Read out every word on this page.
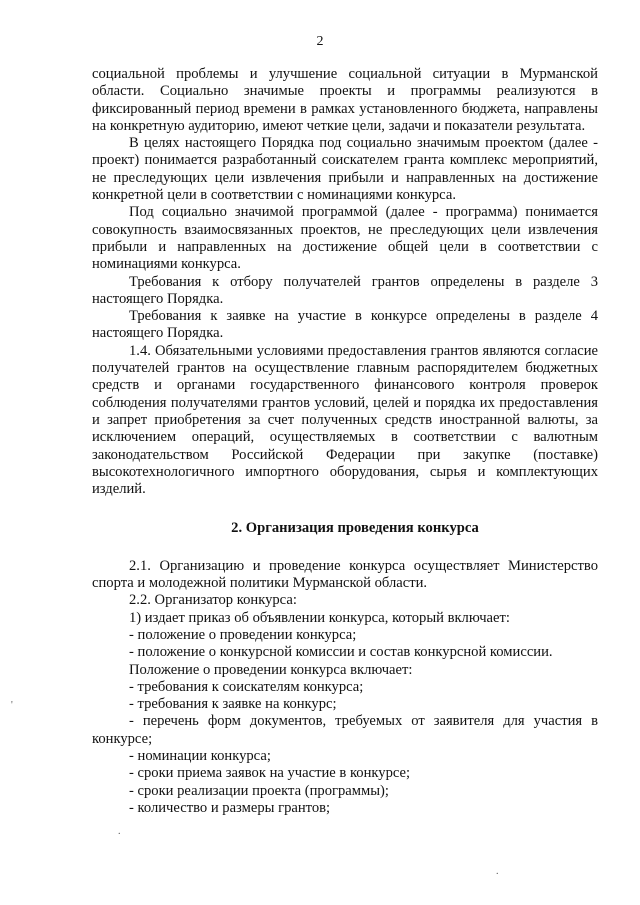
2

социальной проблемы и улучшение социальной ситуации в Мурманской области. Социально значимые проекты и программы реализуются в фиксированный период времени в рамках установленного бюджета, направлены на конкретную аудиторию, имеют четкие цели, задачи и показатели результата.

В целях настоящего Порядка под социально значимым проектом (далее - проект) понимается разработанный соискателем гранта комплекс мероприятий, не преследующих цели извлечения прибыли и направленных на достижение конкретной цели в соответствии с номинациями конкурса.

Под социально значимой программой (далее - программа) понимается совокупность взаимосвязанных проектов, не преследующих цели извлечения прибыли и направленных на достижение общей цели в соответствии с номинациями конкурса.

Требования к отбору получателей грантов определены в разделе 3 настоящего Порядка.

Требования к заявке на участие в конкурсе определены в разделе 4 настоящего Порядка.

1.4. Обязательными условиями предоставления грантов являются согласие получателей грантов на осуществление главным распорядителем бюджетных средств и органами государственного финансового контроля проверок соблюдения получателями грантов условий, целей и порядка их предоставления и запрет приобретения за счет полученных средств иностранной валюты, за исключением операций, осуществляемых в соответствии с валютным законодательством Российской Федерации при закупке (поставке) высокотехнологичного импортного оборудования, сырья и комплектующих изделий.

2. Организация проведения конкурса

2.1. Организацию и проведение конкурса осуществляет Министерство спорта и молодежной политики Мурманской области.

2.2. Организатор конкурса:

1) издает приказ об объявлении конкурса, который включает:

- положение о проведении конкурса;

- положение о конкурсной комиссии и состав конкурсной комиссии.

Положение о проведении конкурса включает:

- требования к соискателям конкурса;

- требования к заявке на конкурс;

- перечень форм документов, требуемых от заявителя для участия в конкурсе;

- номинации конкурса;

- сроки приема заявок на участие в конкурсе;

- сроки реализации проекта (программы);

- количество и размеры грантов;

'
.
.
